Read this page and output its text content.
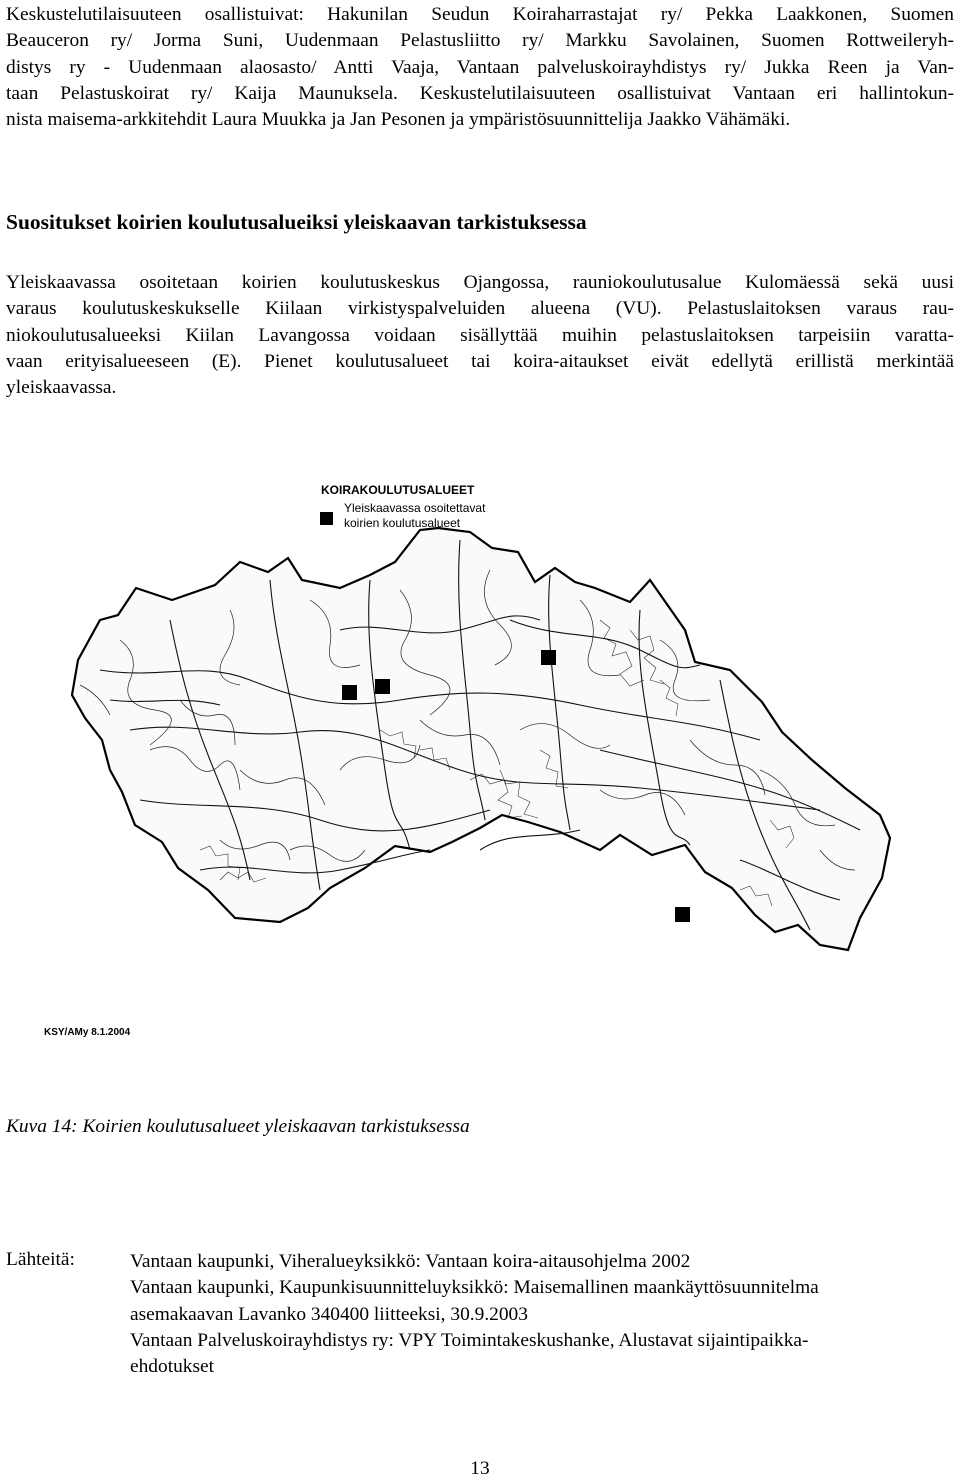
Keskustelutilaisuuteen osallistuivat: Hakunilan Seudun Koiraharrastajat ry/ Pekka Laakkonen, Suomen
Beauceron ry/ Jorma Suni, Uudenmaan Pelastusliitto ry/ Markku Savolainen, Suomen Rottweileryh-
distys ry - Uudenmaan alaosasto/ Antti Vaaja, Vantaan palveluskoirayhdistys ry/ Jukka Reen ja Van-
taan Pelastuskoirat ry/ Kaija Maunuksela. Keskustelutilaisuuteen osallistuivat Vantaan eri hallintokun-
nista maisema-arkkitehdit Laura Muukka ja Jan Pesonen ja ympäristösuunnittelija Jaakko Vähämäki.
Suositukset koirien koulutusalueiksi yleiskaavan tarkistuksessa
Yleiskaavassa osoitetaan koirien koulutuskeskus Ojangossa, rauniokoulutusalue Kulomäessä sekä uusi
varaus koulutuskeskukselle Kiilaan virkistyspalveluiden alueena (VU). Pelastuslaitoksen varaus rau-
niokoulutusalueeksi Kiilan Lavangossa voidaan sisällyttää muihin pelastuslaitoksen tarpeisiin varatta-
vaan erityisalueeseen (E). Pienet koulutusalueet tai koira-aitaukset eivät edellytä erillistä merkintää
yleiskaavassa.
KOIRAKOULUTUSALUEET
Yleiskaavassa osoitettavat
koirien koulutusalueet
KSY/AMy 8.1.2004
Kuva 14: Koirien koulutusalueet yleiskaavan tarkistuksessa
Lähteitä:	Vantaan kaupunki, Viheralueyksikkö: Vantaan koira-aitausohjelma 2002
Vantaan kaupunki, Kaupunkisuunnitteluyksikkö: Maisemallinen maankäyttösuunnitelma
asemakaavan Lavanko 340400 liitteeksi, 30.9.2003
Vantaan Palveluskoirayhdistys ry: VPY Toimintakeskushanke, Alustavat sijaintipaikka-
ehdotukset
13
